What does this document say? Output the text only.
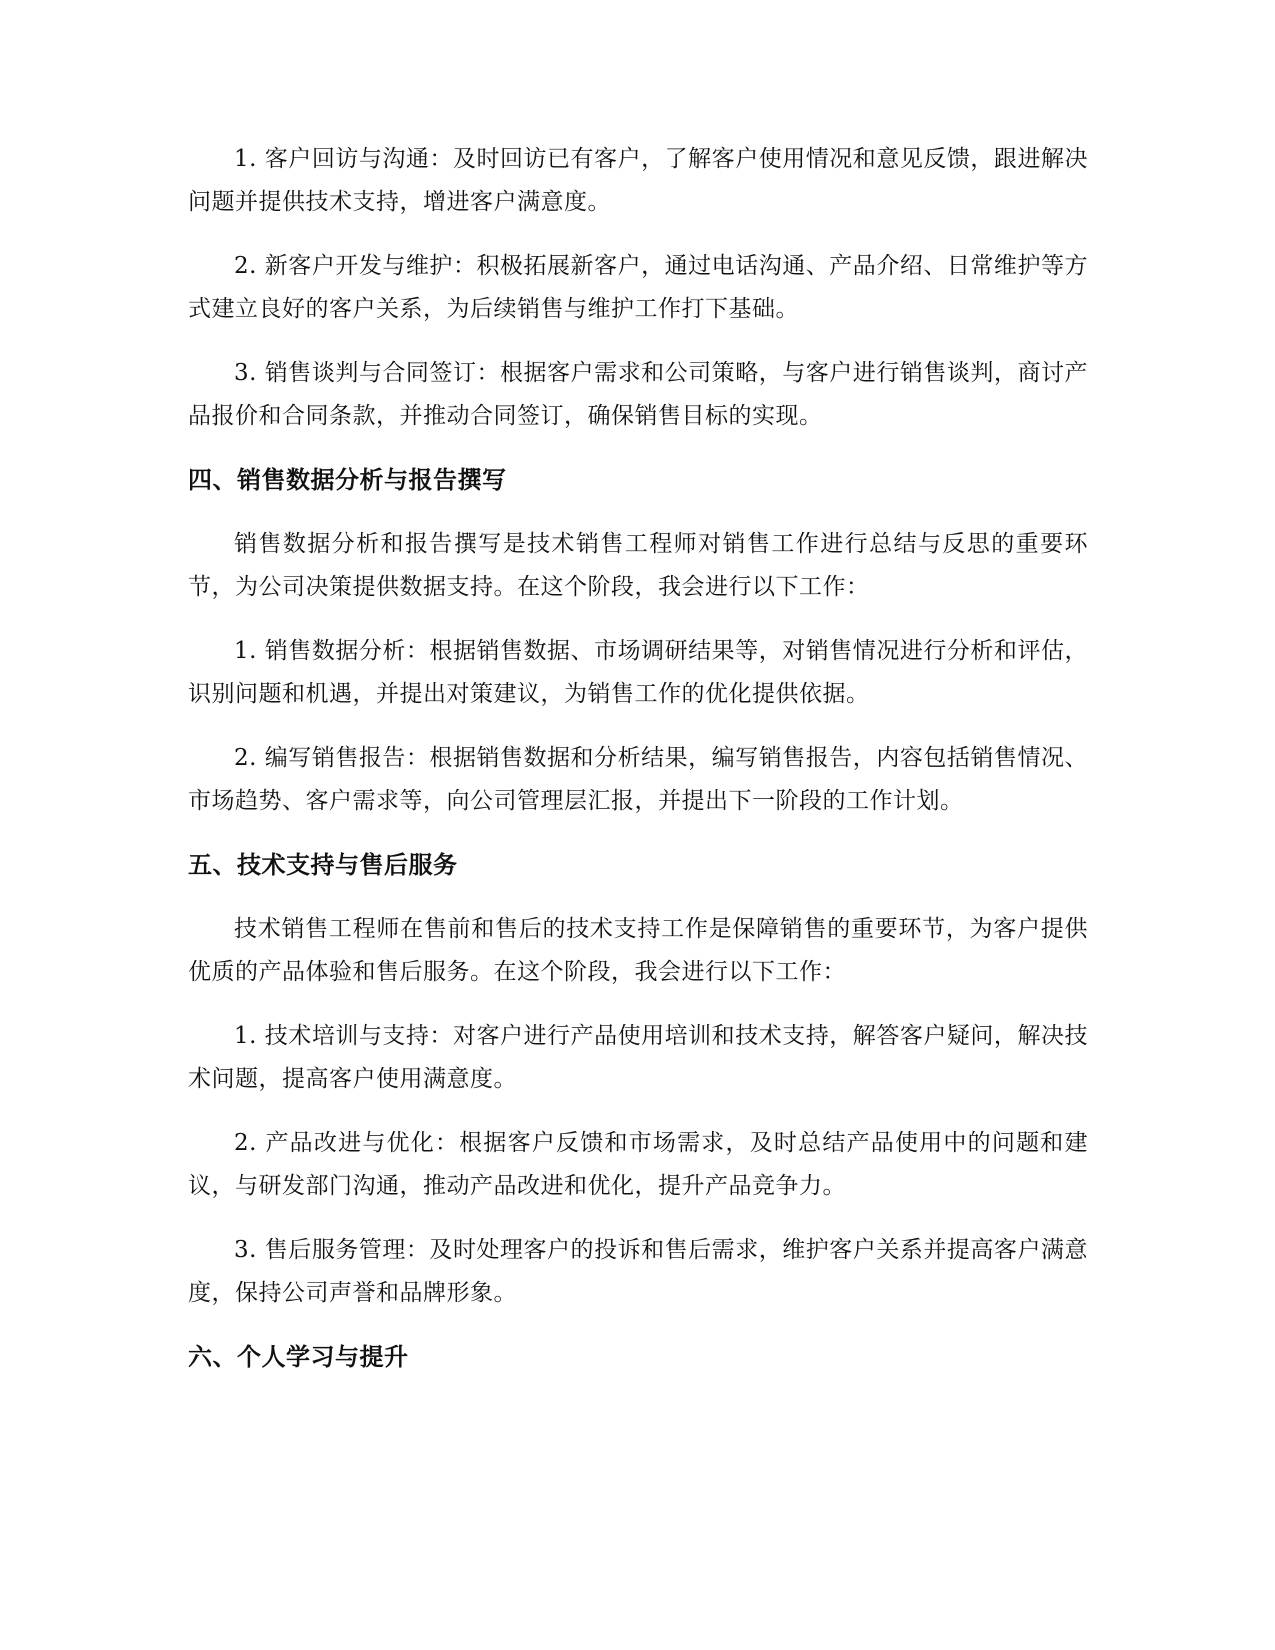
1. 客户回访与沟通：及时回访已有客户，了解客户使用情况和意见反馈，跟进解决问题并提供技术支持，增进客户满意度。

2. 新客户开发与维护：积极拓展新客户，通过电话沟通、产品介绍、日常维护等方式建立良好的客户关系，为后续销售与维护工作打下基础。

3. 销售谈判与合同签订：根据客户需求和公司策略，与客户进行销售谈判，商讨产品报价和合同条款，并推动合同签订，确保销售目标的实现。

四、销售数据分析与报告撰写

销售数据分析和报告撰写是技术销售工程师对销售工作进行总结与反思的重要环节，为公司决策提供数据支持。在这个阶段，我会进行以下工作：

1. 销售数据分析：根据销售数据、市场调研结果等，对销售情况进行分析和评估，识别问题和机遇，并提出对策建议，为销售工作的优化提供依据。

2. 编写销售报告：根据销售数据和分析结果，编写销售报告，内容包括销售情况、市场趋势、客户需求等，向公司管理层汇报，并提出下一阶段的工作计划。

五、技术支持与售后服务

技术销售工程师在售前和售后的技术支持工作是保障销售的重要环节，为客户提供优质的产品体验和售后服务。在这个阶段，我会进行以下工作：

1. 技术培训与支持：对客户进行产品使用培训和技术支持，解答客户疑问，解决技术问题，提高客户使用满意度。

2. 产品改进与优化：根据客户反馈和市场需求，及时总结产品使用中的问题和建议，与研发部门沟通，推动产品改进和优化，提升产品竞争力。

3. 售后服务管理：及时处理客户的投诉和售后需求，维护客户关系并提高客户满意度，保持公司声誉和品牌形象。

六、个人学习与提升
